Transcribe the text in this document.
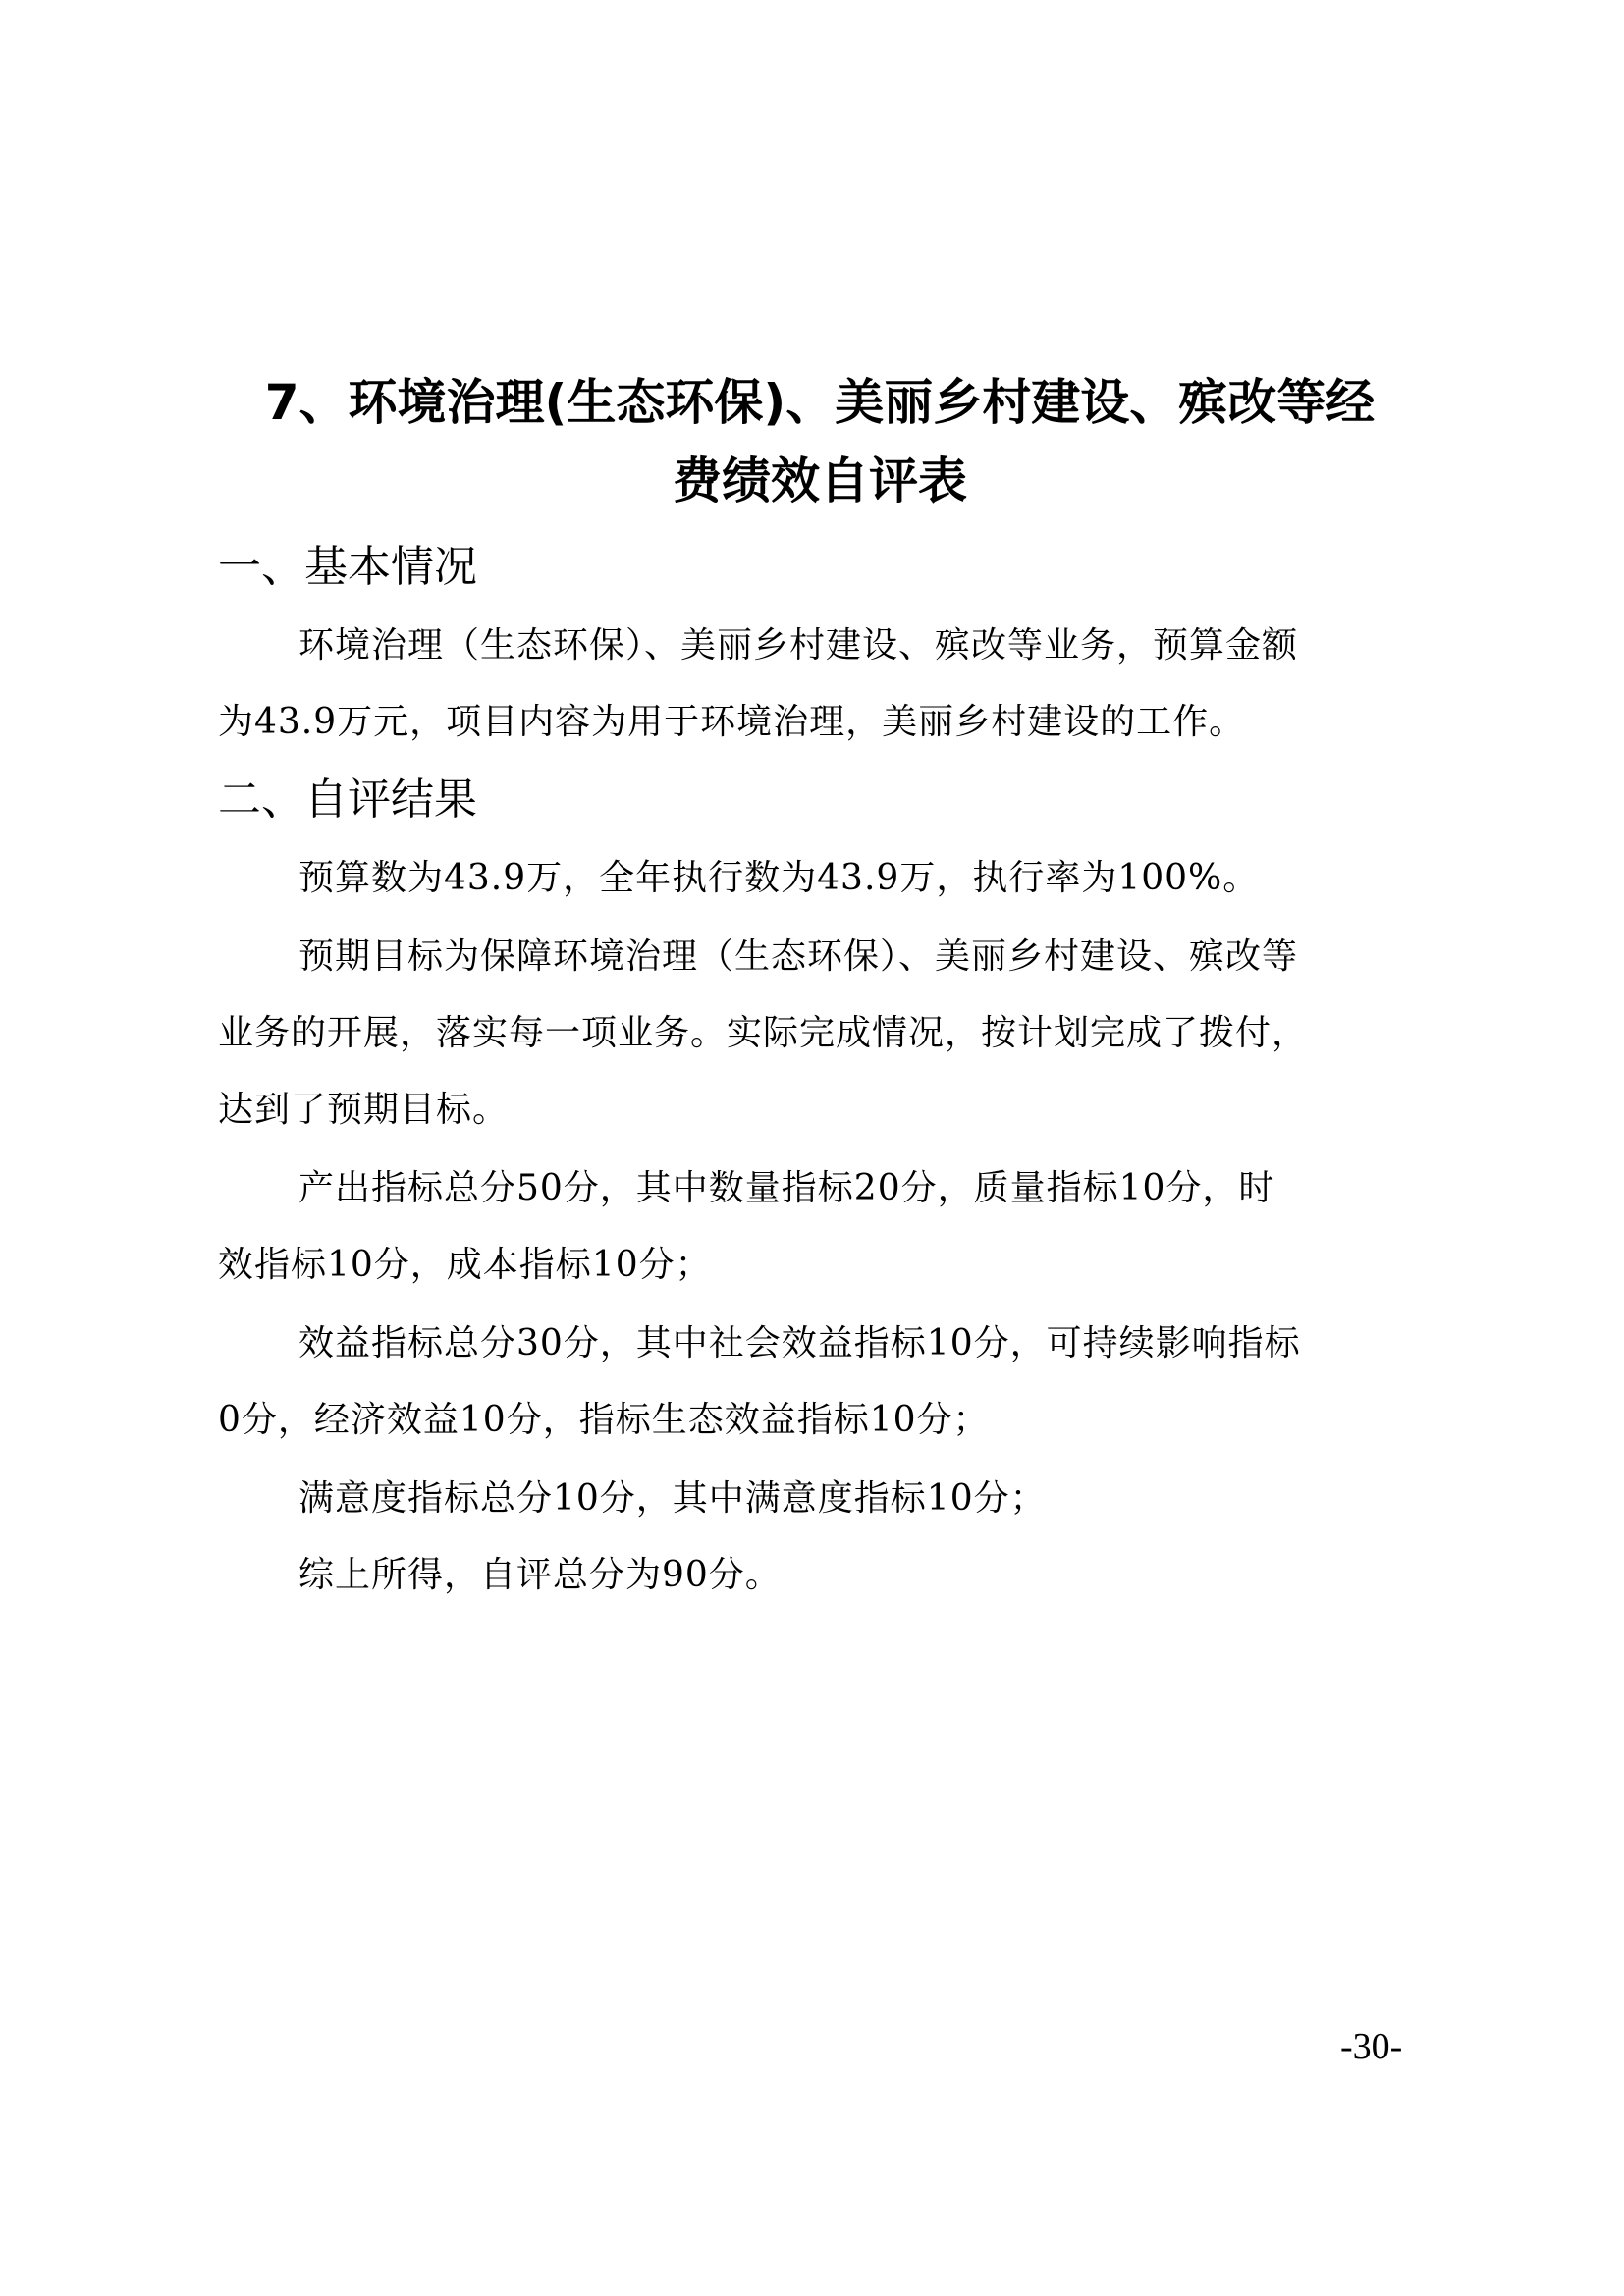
7、环境治理(生态环保)、美丽乡村建设、殡改等经
费绩效自评表
一、基本情况
环境治理（生态环保）、美丽乡村建设、殡改等业务，预算金额
为43.9万元，项目内容为用于环境治理，美丽乡村建设的工作。
二、自评结果
预算数为43.9万，全年执行数为43.9万，执行率为100%。
预期目标为保障环境治理（生态环保）、美丽乡村建设、殡改等
业务的开展，落实每一项业务。实际完成情况，按计划完成了拨付，
达到了预期目标。
产出指标总分50分，其中数量指标20分，质量指标10分，时
效指标10分，成本指标10分；
效益指标总分30分，其中社会效益指标10分，可持续影响指标
0分，经济效益10分，指标生态效益指标10分；
满意度指标总分10分，其中满意度指标10分；
综上所得，自评总分为90分。
-30-
